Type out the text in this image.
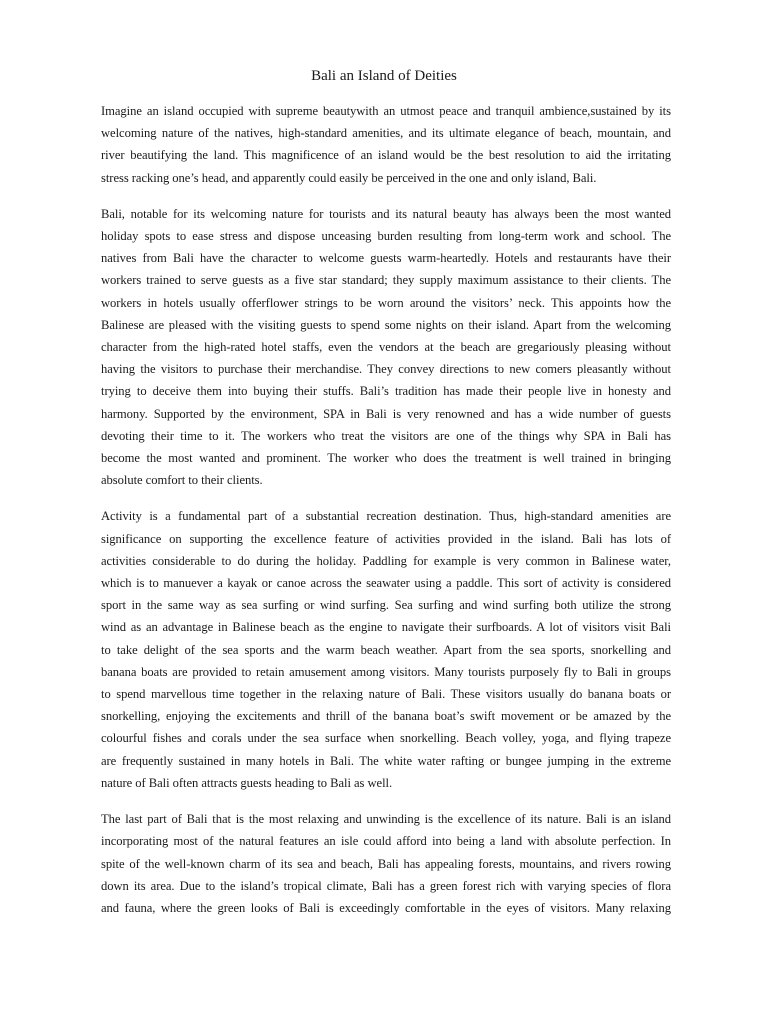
Bali an Island of Deities

Imagine an island occupied with supreme beautywith an utmost peace and tranquil ambience,sustained by its
welcoming nature of the natives, high-standard amenities, and its ultimate elegance of beach, mountain, and
river beautifying the land. This magnificence of an island would be the best resolution to aid the irritating
stress racking one’s head, and apparently could easily be perceived in the one and only island, Bali.

Bali, notable for its welcoming nature for tourists and its natural beauty has always been the most wanted
holiday spots to ease stress and dispose unceasing burden resulting from long-term work and school. The
natives from Bali have the character to welcome guests warm-heartedly. Hotels and restaurants have their
workers trained to serve guests as a five star standard; they supply maximum assistance to their clients. The
workers in hotels usually offerflower strings to be worn around the visitors’ neck. This appoints how the
Balinese are pleased with the visiting guests to spend some nights on their island. Apart from the welcoming
character from the high-rated hotel staffs, even the vendors at the beach are gregariously pleasing without
having the visitors to purchase their merchandise. They convey directions to new comers pleasantly without
trying to deceive them into buying their stuffs. Bali’s tradition has made their people live in honesty and
harmony. Supported by the environment, SPA in Bali is very renowned and has a wide number of guests
devoting their time to it. The workers who treat the visitors are one of the things why SPA in Bali has
become the most wanted and prominent. The worker who does the treatment is well trained in bringing
absolute comfort to their clients.

Activity is a fundamental part of a substantial recreation destination. Thus, high-standard amenities are
significance on supporting the excellence feature of activities provided in the island. Bali has lots of
activities considerable to do during the holiday. Paddling for example is very common in Balinese water,
which is to manuever a kayak or canoe across the seawater using a paddle. This sort of activity is considered
sport in the same way as sea surfing or wind surfing. Sea surfing and wind surfing both utilize the strong
wind as an advantage in Balinese beach as the engine to navigate their surfboards. A lot of visitors visit Bali
to take delight of the sea sports and the warm beach weather. Apart from the sea sports, snorkelling and
banana boats are provided to retain amusement among visitors. Many tourists purposely fly to Bali in groups
to spend marvellous time together in the relaxing nature of Bali. These visitors usually do banana boats or
snorkelling, enjoying the excitements and thrill of the banana boat’s swift movement or be amazed by the
colourful fishes and corals under the sea surface when snorkelling. Beach volley, yoga, and flying trapeze
are frequently sustained in many hotels in Bali. The white water rafting or bungee jumping in the extreme
nature of Bali often attracts guests heading to Bali as well.

The last part of Bali that is the most relaxing and unwinding is the excellence of its nature. Bali is an island
incorporating most of the natural features an isle could afford into being a land with absolute perfection. In
spite of the well-known charm of its sea and beach, Bali has appealing forests, mountains, and rivers rowing
down its area. Due to the island’s tropical climate, Bali has a green forest rich with varying species of flora
and fauna, where the green looks of Bali is exceedingly comfortable in the eyes of visitors. Many relaxing
